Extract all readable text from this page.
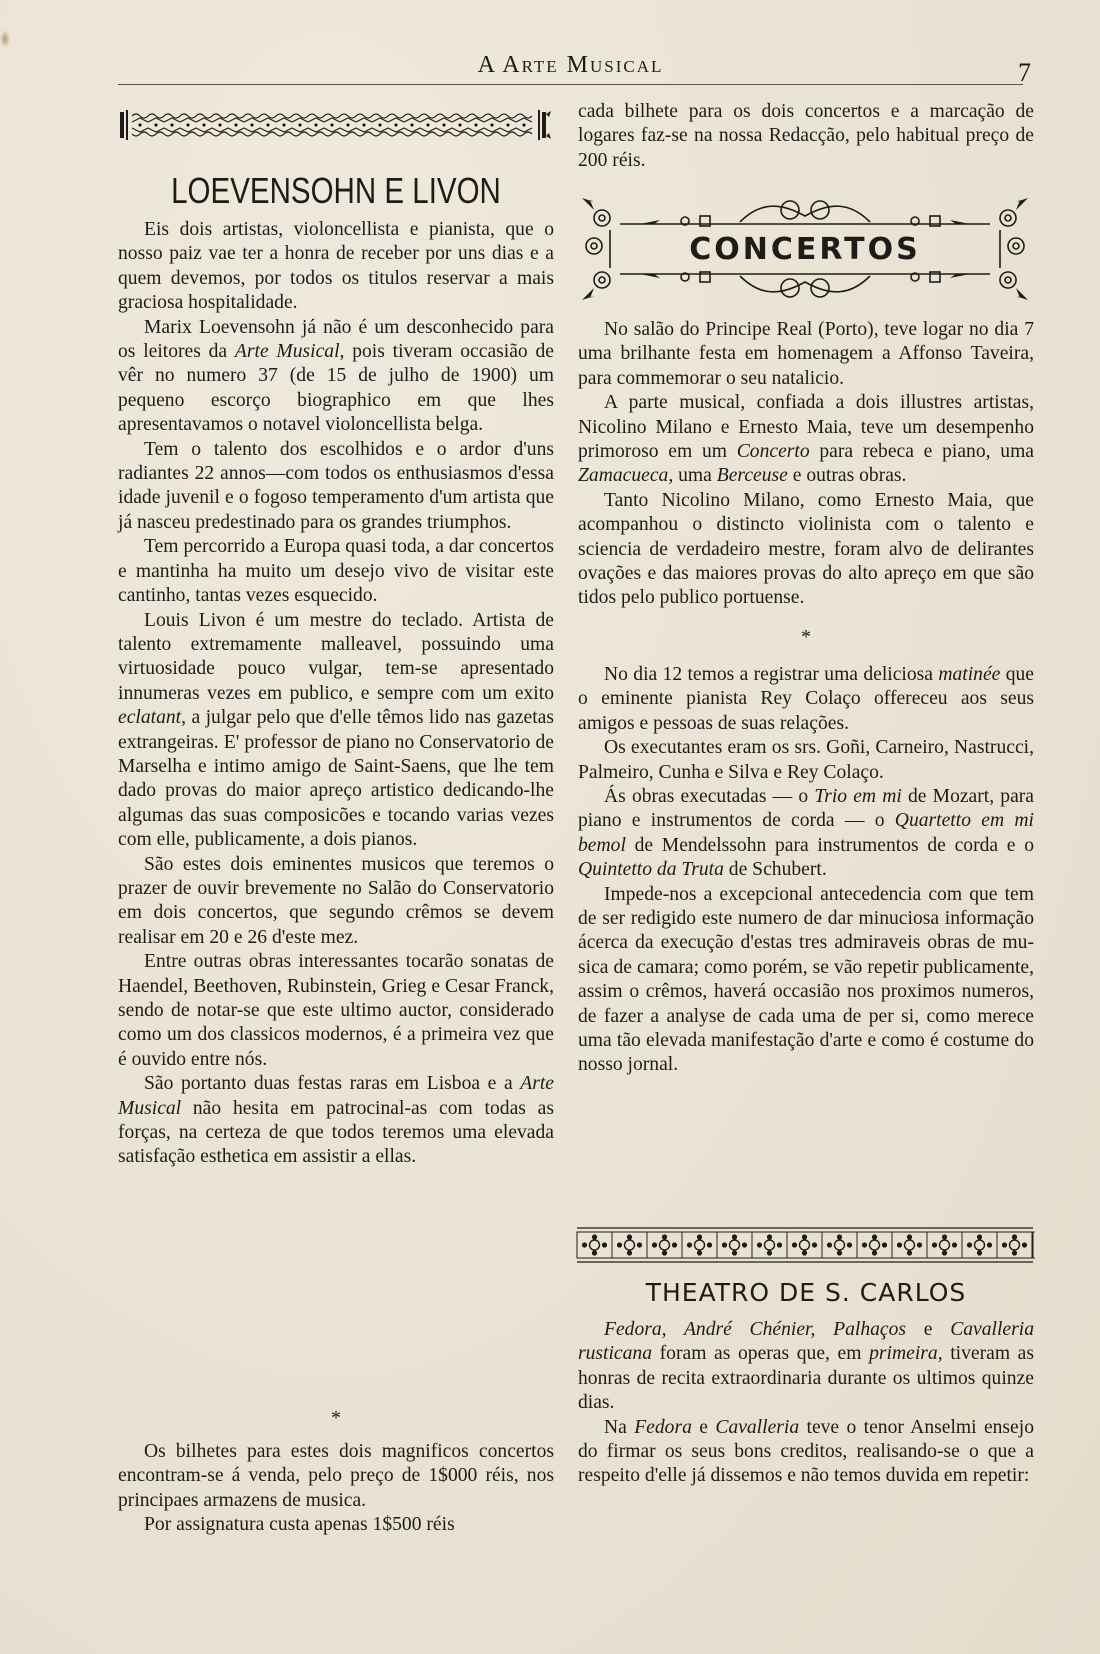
A Arte Musical	7
LOEVENSOHN E LIVON

Eis dois artistas, violoncellista e pianista, que o nosso paiz vae ter a honra de receber por uns dias e a quem devemos, por todos os titulos reservar a mais graciosa hospitalidade.

Marix Loevensohn já não é um desconhecido para os leitores da Arte Musical, pois tiveram occasião de vêr no numero 37 (de 15 de julho de 1900) um pequeno escorço biographico em que lhes apresentavamos o notavel violoncellista belga.

Tem o talento dos escolhidos e o ardor d'uns radiantes 22 annos—com todos os enthusiasmos d'essa idade juvenil e o fogoso temperamento d'um artista que já nasceu predestinado para os grandes triumphos.

Tem percorrido a Europa quasi toda, a dar concertos e mantinha ha muito um desejo vivo de visitar este cantinho, tantas vezes esquecido.

Louis Livon é um mestre do teclado. Artista de talento extremamente malleavel, possuindo uma virtuosidade pouco vulgar, tem-se apresentado innumeras vezes em publico, e sempre com um exito eclatant, a julgar pelo que d'elle têmos lido nas gazetas extrangeiras. E' professor de piano no Conservatorio de Marselha e intimo amigo de Saint-Saens, que lhe tem dado provas do maior apreço artistico dedicando-lhe algumas das suas composicões e tocando varias vezes com elle, publicamente, a dois pianos.

São estes dois eminentes musicos que teremos o prazer de ouvir brevemente no Salão do Conservatorio em dois concertos, que segundo crêmos se devem realisar em 20 e 26 d'este mez.

Entre outras obras interessantes tocarão sonatas de Haendel, Beethoven, Rubinstein, Grieg e Cesar Franck, sendo de notar-se que este ultimo auctor, considerado como um dos classicos modernos, é a primeira vez que é ouvido entre nós.

São portanto duas festas raras em Lisboa e a Arte Musical não hesita em patrocinal-as com todas as forças, na certeza de que todos teremos uma elevada satisfação esthetica em assistir a ellas.

*

Os bilhetes para estes dois magnificos concertos encontram-se á venda, pelo preço de 1$000 réis, nos principaes armazens de musica.

Por assignatura custa apenas 1$500 réis

cada bilhete para os dois concertos e a marcação de logares faz-se na nossa Redacção, pelo habitual preço de 200 réis.

CONCERTOS

No salão do Principe Real (Porto), teve logar no dia 7 uma brilhante festa em homenagem a Affonso Taveira, para commemorar o seu natalicio.

A parte musical, confiada a dois illustres artistas, Nicolino Milano e Ernesto Maia, teve um desempenho primoroso em um Concerto para rebeca e piano, uma Zamacueca, uma Berceuse e outras obras.

Tanto Nicolino Milano, como Ernesto Maia, que acompanhou o distincto violinista com o talento e sciencia de verdadeiro mestre, foram alvo de delirantes ovações e das maiores provas do alto apreço em que são tidos pelo publico portuense.

*

No dia 12 temos a registrar uma deliciosa matinée que o eminente pianista Rey Colaço offereceu aos seus amigos e pessoas de suas relações.

Os executantes eram os srs. Goñi, Carneiro, Nastrucci, Palmeiro, Cunha e Silva e Rey Colaço.

Ás obras executadas — o Trio em mi de Mozart, para piano e instrumentos de corda — o Quartetto em mi bemol de Mendelssohn para instrumentos de corda e o Quintetto da Truta de Schubert.

Impede-nos a excepcional antecedencia com que tem de ser redigido este numero de dar minuciosa informação ácerca da execução d'estas tres admiraveis obras de musica de camara; como porém, se vão repetir publicamente, assim o crêmos, haverá occasião nos proximos numeros, de fazer a analyse de cada uma de per si, como merece uma tão elevada manifestação d'arte e como é costume do nosso jornal.

THEATRO DE S. CARLOS

Fedora, André Chénier, Palhaços e Cavalleria rusticana foram as operas que, em primeira, tiveram as honras de recita extraordinaria durante os ultimos quinze dias.

Na Fedora e Cavalleria teve o tenor Anselmi ensejo do firmar os seus bons creditos, realisando-se o que a respeito d'elle já dissemos e não temos duvida em repetir:
